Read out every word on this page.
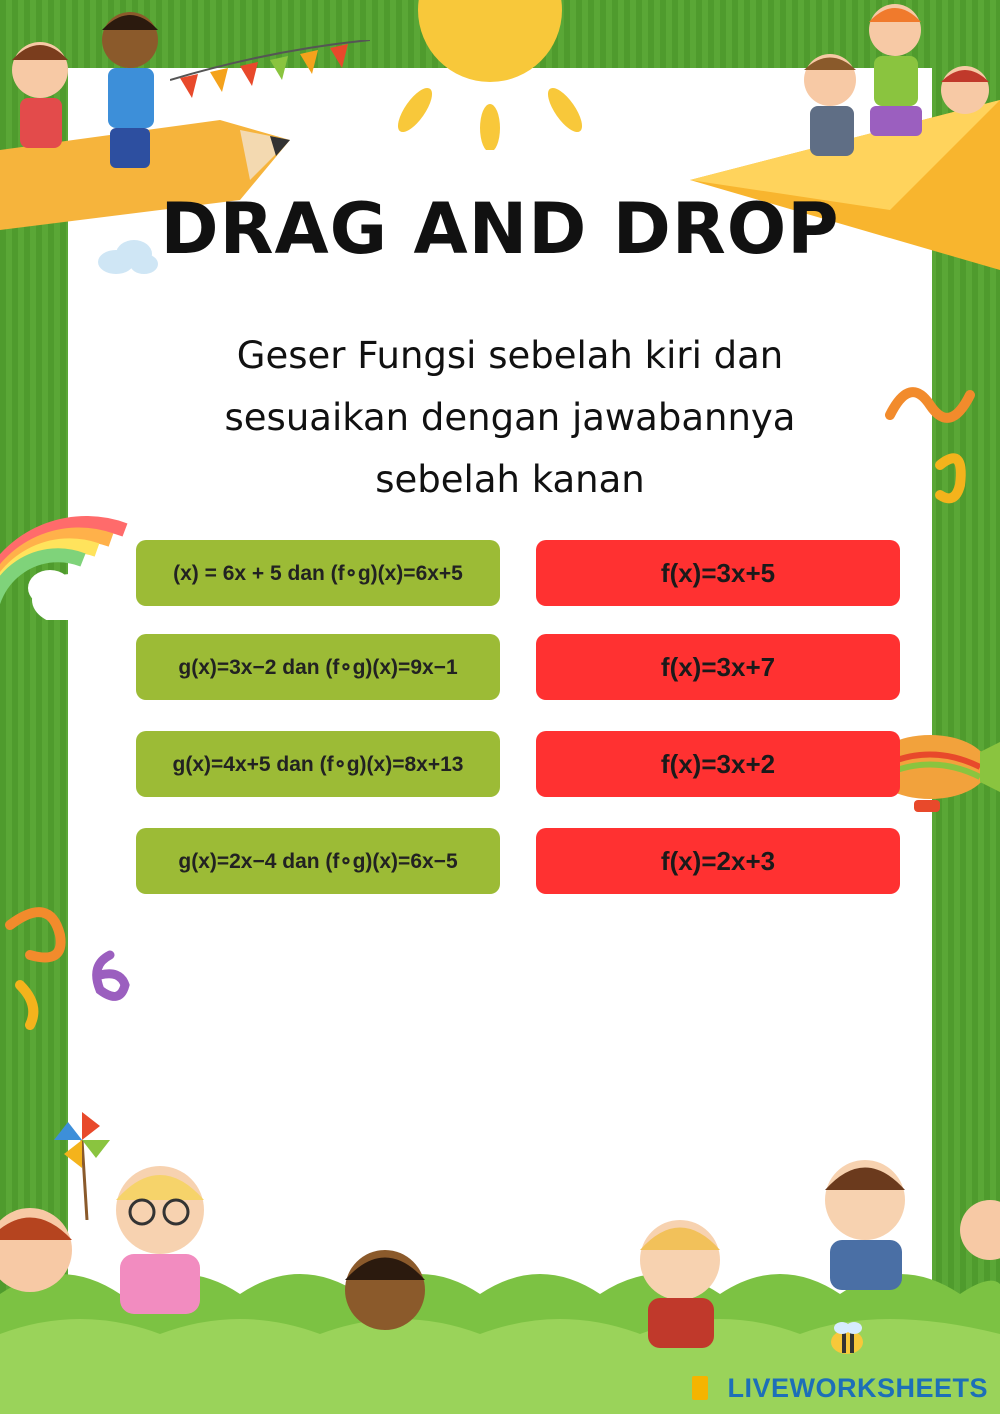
DRAG AND DROP
Geser Fungsi sebelah kiri dan sesuaikan dengan jawabannya sebelah kanan
(x) = 6x + 5 dan (f∘g)(x)=6x+5
g(x)=3x−2 dan (f∘g)(x)=9x−1
g(x)=4x+5 dan (f∘g)(x)=8x+13
g(x)=2x−4 dan (f∘g)(x)=6x−5
f(x)=3x+5
f(x)=3x+7
f(x)=3x+2
f(x)=2x+3
LIVEWORKSHEETS
